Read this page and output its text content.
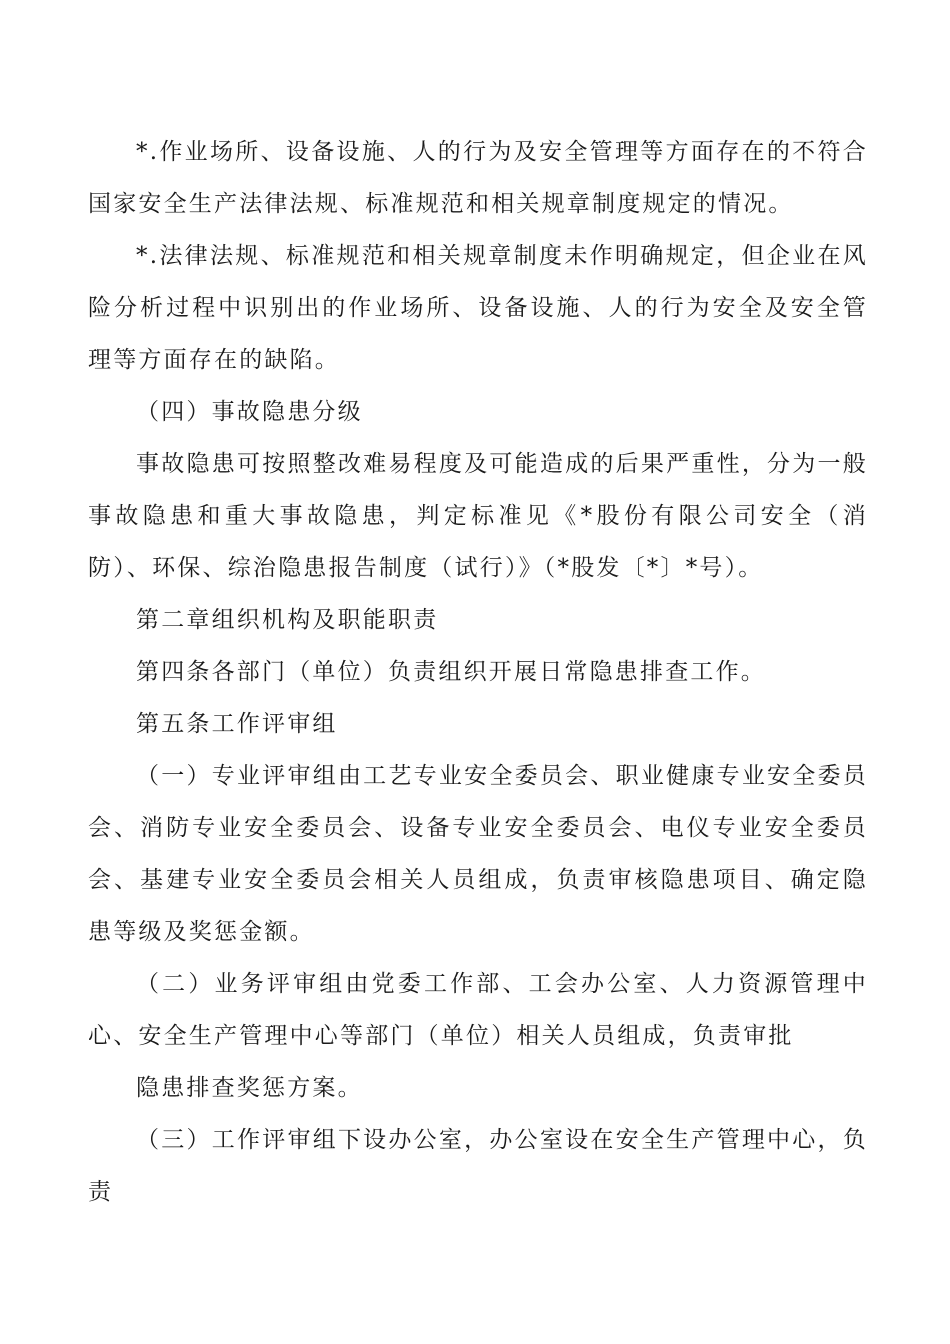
*.作业场所、设备设施、人的行为及安全管理等方面存在的不符合国家安全生产法律法规、标准规范和相关规章制度规定的情况。

*.法律法规、标准规范和相关规章制度未作明确规定，但企业在风险分析过程中识别出的作业场所、设备设施、人的行为安全及安全管理等方面存在的缺陷。

（四）事故隐患分级

事故隐患可按照整改难易程度及可能造成的后果严重性，分为一般事故隐患和重大事故隐患，判定标准见《*股份有限公司安全（消防）、环保、综治隐患报告制度（试行）》（*股发〔*〕*号）。

第二章组织机构及职能职责

第四条各部门（单位）负责组织开展日常隐患排查工作。

第五条工作评审组

（一）专业评审组由工艺专业安全委员会、职业健康专业安全委员会、消防专业安全委员会、设备专业安全委员会、电仪专业安全委员会、基建专业安全委员会相关人员组成，负责审核隐患项目、确定隐患等级及奖惩金额。

（二）业务评审组由党委工作部、工会办公室、人力资源管理中心、安全生产管理中心等部门（单位）相关人员组成，负责审批

隐患排查奖惩方案。

（三）工作评审组下设办公室，办公室设在安全生产管理中心，负责
